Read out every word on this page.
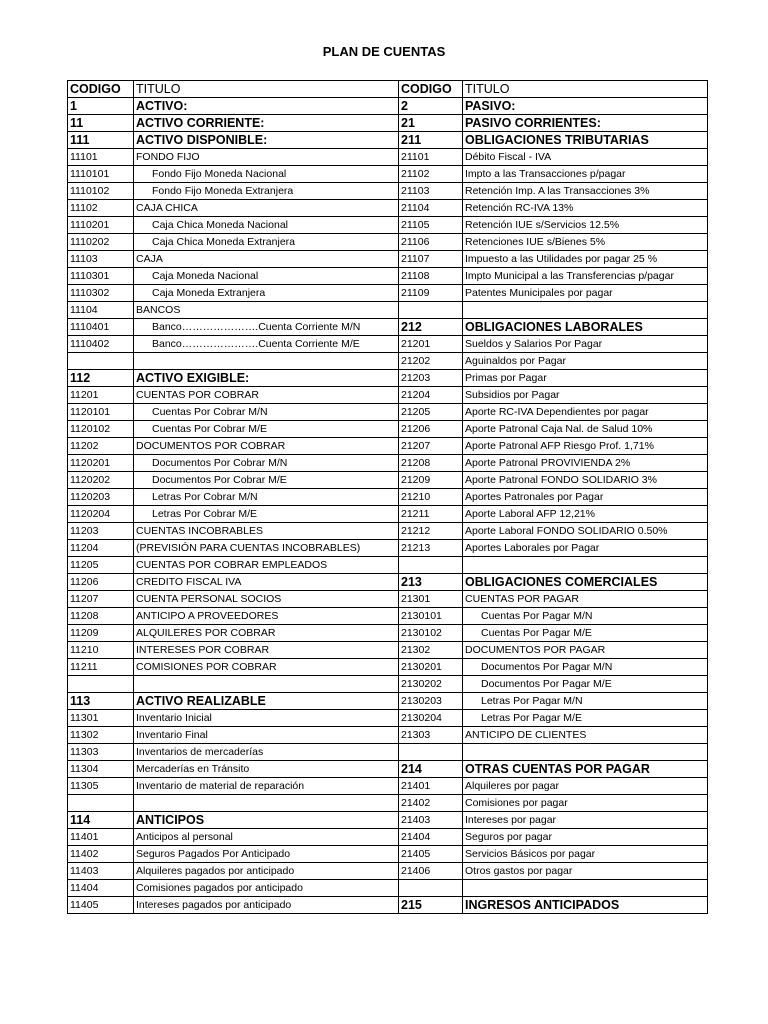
PLAN DE CUENTAS
CODIGO	TITULO	CODIGO	TITULO
1	ACTIVO:	2	PASIVO:
11	ACTIVO CORRIENTE:	21	PASIVO CORRIENTES:
111	ACTIVO DISPONIBLE:	211	OBLIGACIONES TRIBUTARIAS
11101	FONDO FIJO	21101	Débito Fiscal - IVA
1110101	Fondo Fijo Moneda Nacional	21102	Impto a las Transacciones p/pagar
1110102	Fondo Fijo Moneda Extranjera	21103	Retención Imp. A las Transacciones 3%
11102	CAJA CHICA	21104	Retención RC-IVA 13%
1110201	Caja Chica Moneda Nacional	21105	Retención IUE s/Servicios 12.5%
1110202	Caja Chica Moneda Extranjera	21106	Retenciones IUE s/Bienes 5%
11103	CAJA	21107	Impuesto a las Utilidades por pagar 25 %
1110301	Caja Moneda Nacional	21108	Impto Municipal a las Transferencias p/pagar
1110302	Caja Moneda Extranjera	21109	Patentes Municipales por pagar
11104	BANCOS		
1110401	Banco………………….Cuenta Corriente M/N	212	OBLIGACIONES LABORALES
1110402	Banco………………….Cuenta Corriente M/E	21201	Sueldos y Salarios Por Pagar
		21202	Aguinaldos por Pagar
112	ACTIVO EXIGIBLE:	21203	Primas por Pagar
11201	CUENTAS POR COBRAR	21204	Subsidios por Pagar
1120101	Cuentas Por Cobrar M/N	21205	Aporte RC-IVA Dependientes por pagar
1120102	Cuentas Por Cobrar M/E	21206	Aporte Patronal Caja Nal. de Salud 10%
11202	DOCUMENTOS POR COBRAR	21207	Aporte Patronal AFP Riesgo Prof. 1,71%
1120201	Documentos Por Cobrar M/N	21208	Aporte Patronal PROVIVIENDA 2%
1120202	Documentos Por Cobrar M/E	21209	Aporte Patronal FONDO SOLIDARIO 3%
1120203	Letras Por Cobrar M/N	21210	Aportes Patronales por Pagar
1120204	Letras Por Cobrar M/E	21211	Aporte Laboral AFP 12,21%
11203	CUENTAS INCOBRABLES	21212	Aporte Laboral FONDO SOLIDARIO 0.50%
11204	(PREVISIÓN PARA CUENTAS INCOBRABLES)	21213	Aportes Laborales por Pagar
11205	CUENTAS POR COBRAR EMPLEADOS		
11206	CREDITO FISCAL IVA	213	OBLIGACIONES COMERCIALES
11207	CUENTA PERSONAL SOCIOS	21301	CUENTAS POR PAGAR
11208	ANTICIPO A PROVEEDORES	2130101	Cuentas Por Pagar M/N
11209	ALQUILERES POR COBRAR	2130102	Cuentas Por Pagar M/E
11210	INTERESES POR COBRAR	21302	DOCUMENTOS POR PAGAR
11211	COMISIONES POR COBRAR	2130201	Documentos Por Pagar M/N
		2130202	Documentos Por Pagar M/E
113	ACTIVO REALIZABLE	2130203	Letras Por Pagar M/N
11301	Inventario Inicial	2130204	Letras Por Pagar M/E
11302	Inventario Final	21303	ANTICIPO DE CLIENTES
11303	Inventarios de mercaderías		
11304	Mercaderías en Tránsito	214	OTRAS CUENTAS POR PAGAR
11305	Inventario de material de reparación	21401	Alquileres por pagar
		21402	Comisiones por pagar
114	ANTICIPOS	21403	Intereses por pagar
11401	Anticipos al personal	21404	Seguros por pagar
11402	Seguros Pagados Por Anticipado	21405	Servicios Básicos por pagar
11403	Alquileres pagados por anticipado	21406	Otros gastos por pagar
11404	Comisiones pagados por anticipado		
11405	Intereses pagados por anticipado	215	INGRESOS ANTICIPADOS
